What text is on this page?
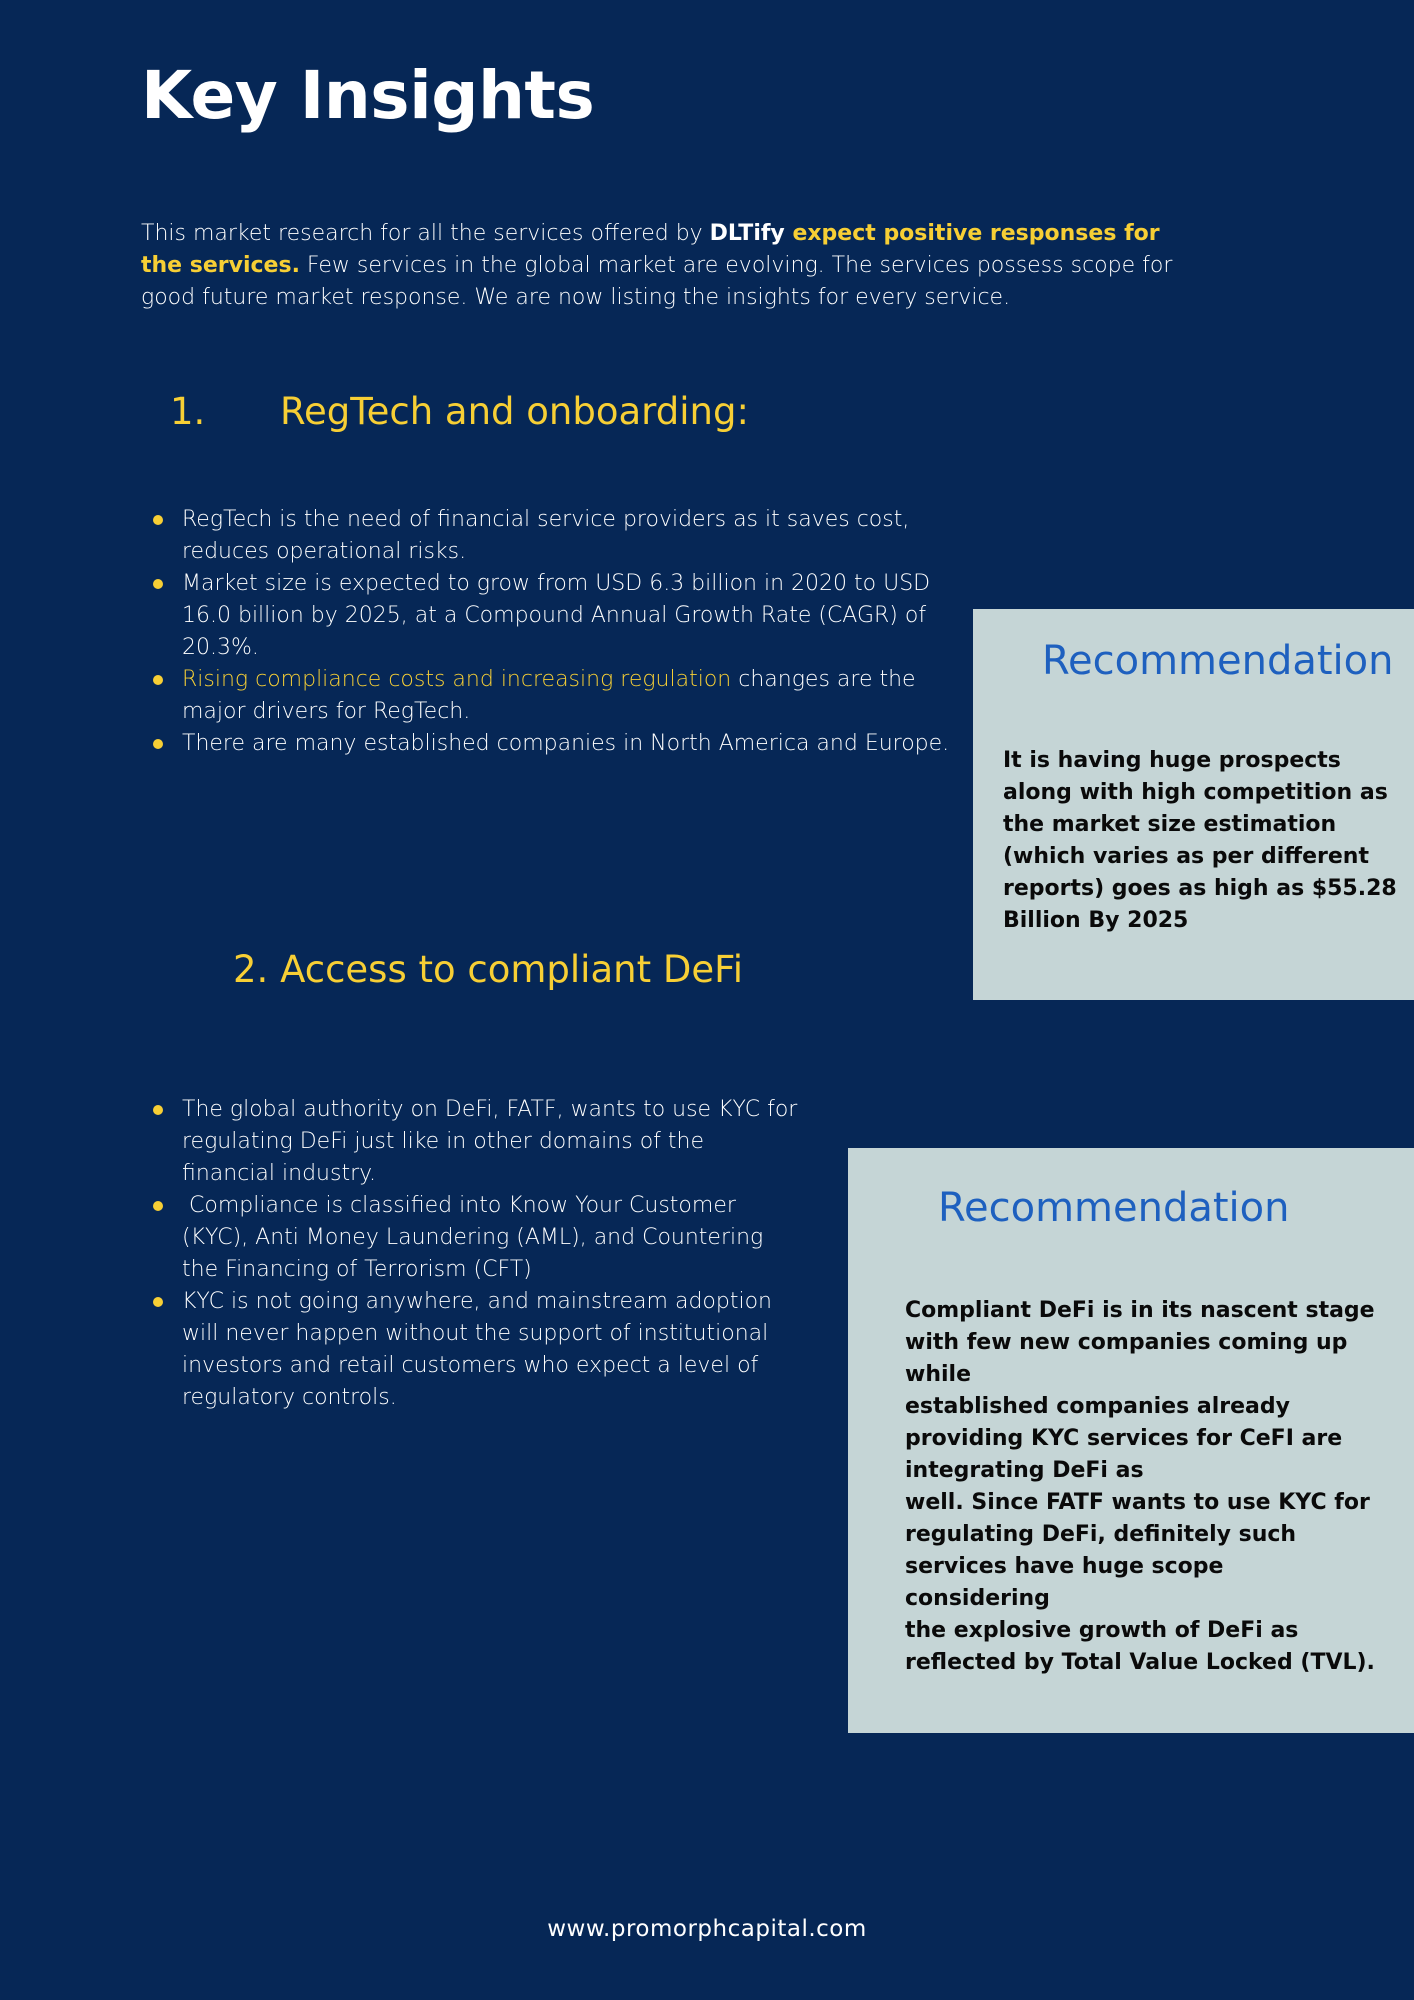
Key Insights

This market research for all the services offered by DLTify expect positive responses for the services. Few services in the global market are evolving. The services possess scope for good future market response. We are now listing the insights for every service.

1. RegTech and onboarding:
RegTech is the need of financial service providers as it saves cost, reduces operational risks.
Market size is expected to grow from USD 6.3 billion in 2020 to USD 16.0 billion by 2025, at a Compound Annual Growth Rate (CAGR) of 20.3%.
Rising compliance costs and increasing regulation changes are the major drivers for RegTech.
There are many established companies in North America and Europe.
Recommendation

It is having huge prospects along with high competition as the market size estimation (which varies as per different reports) goes as high as $55.28 Billion By 2025

2. Access to compliant DeFi
The global authority on DeFi, FATF, wants to use KYC for regulating DeFi just like in other domains of the financial industry.
Compliance is classified into Know Your Customer (KYC), Anti Money Laundering (AML), and Countering the Financing of Terrorism (CFT)
KYC is not going anywhere, and mainstream adoption will never happen without the support of institutional investors and retail customers who expect a level of regulatory controls.
Recommendation

Compliant DeFi is in its nascent stage
with few new companies coming up
while
established companies already
providing KYC services for CeFI are
integrating DeFi as
well. Since FATF wants to use KYC for
regulating DeFi, definitely such
services have huge scope considering
the explosive growth of DeFi as
reflected by Total Value Locked (TVL).

www.promorphcapital.com
